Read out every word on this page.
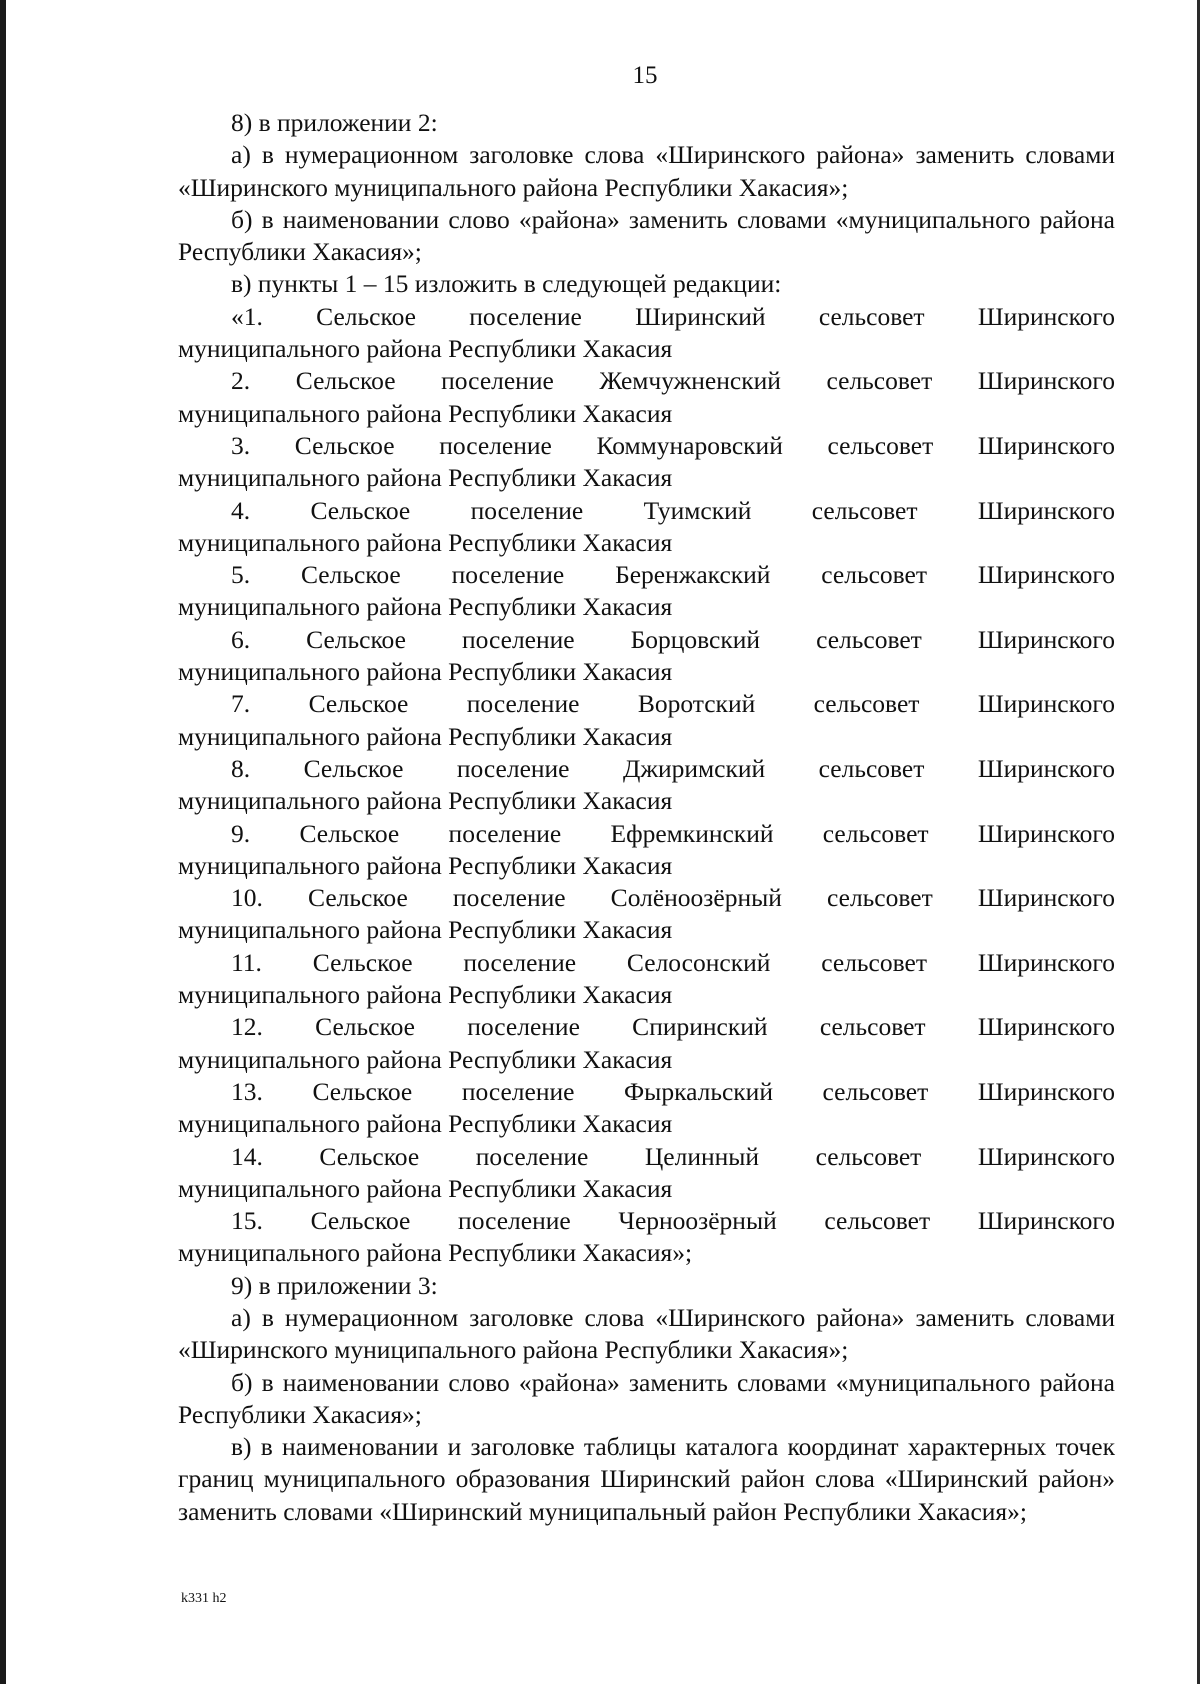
15

8) в приложении 2:

а) в нумерационном заголовке слова «Ширинского района» заменить словами «Ширинского муниципального района Республики Хакасия»;

б) в наименовании слово «района» заменить словами «муниципального района Республики Хакасия»;

в) пункты 1 – 15 изложить в следующей редакции:

«1. Сельское поселение Ширинский сельсовет Ширинского
муниципального района Республики Хакасия

2. Сельское поселение Жемчужненский сельсовет Ширинского
муниципального района Республики Хакасия

3. Сельское поселение Коммунаровский сельсовет Ширинского
муниципального района Республики Хакасия

4. Сельское поселение Туимский сельсовет Ширинского
муниципального района Республики Хакасия

5. Сельское поселение Беренжакский сельсовет Ширинского
муниципального района Республики Хакасия

6. Сельское поселение Борцовский сельсовет Ширинского
муниципального района Республики Хакасия

7. Сельское поселение Воротский сельсовет Ширинского
муниципального района Республики Хакасия

8. Сельское поселение Джиримский сельсовет Ширинского
муниципального района Республики Хакасия

9. Сельское поселение Ефремкинский сельсовет Ширинского
муниципального района Республики Хакасия

10. Сельское поселение Солёноозёрный сельсовет Ширинского
муниципального района Республики Хакасия

11. Сельское поселение Селосонский сельсовет Ширинского
муниципального района Республики Хакасия

12. Сельское поселение Спиринский сельсовет Ширинского
муниципального района Республики Хакасия

13. Сельское поселение Фыркальский сельсовет Ширинского
муниципального района Республики Хакасия

14. Сельское поселение Целинный сельсовет Ширинского
муниципального района Республики Хакасия

15. Сельское поселение Черноозёрный сельсовет Ширинского
муниципального района Республики Хакасия»;

9) в приложении 3:

а) в нумерационном заголовке слова «Ширинского района» заменить словами «Ширинского муниципального района Республики Хакасия»;

б) в наименовании слово «района» заменить словами «муниципального района Республики Хакасия»;

в) в наименовании и заголовке таблицы каталога координат характерных точек границ муниципального образования Ширинский район слова «Ширинский район» заменить словами «Ширинский муниципальный район Республики Хакасия»;

k331 h2
